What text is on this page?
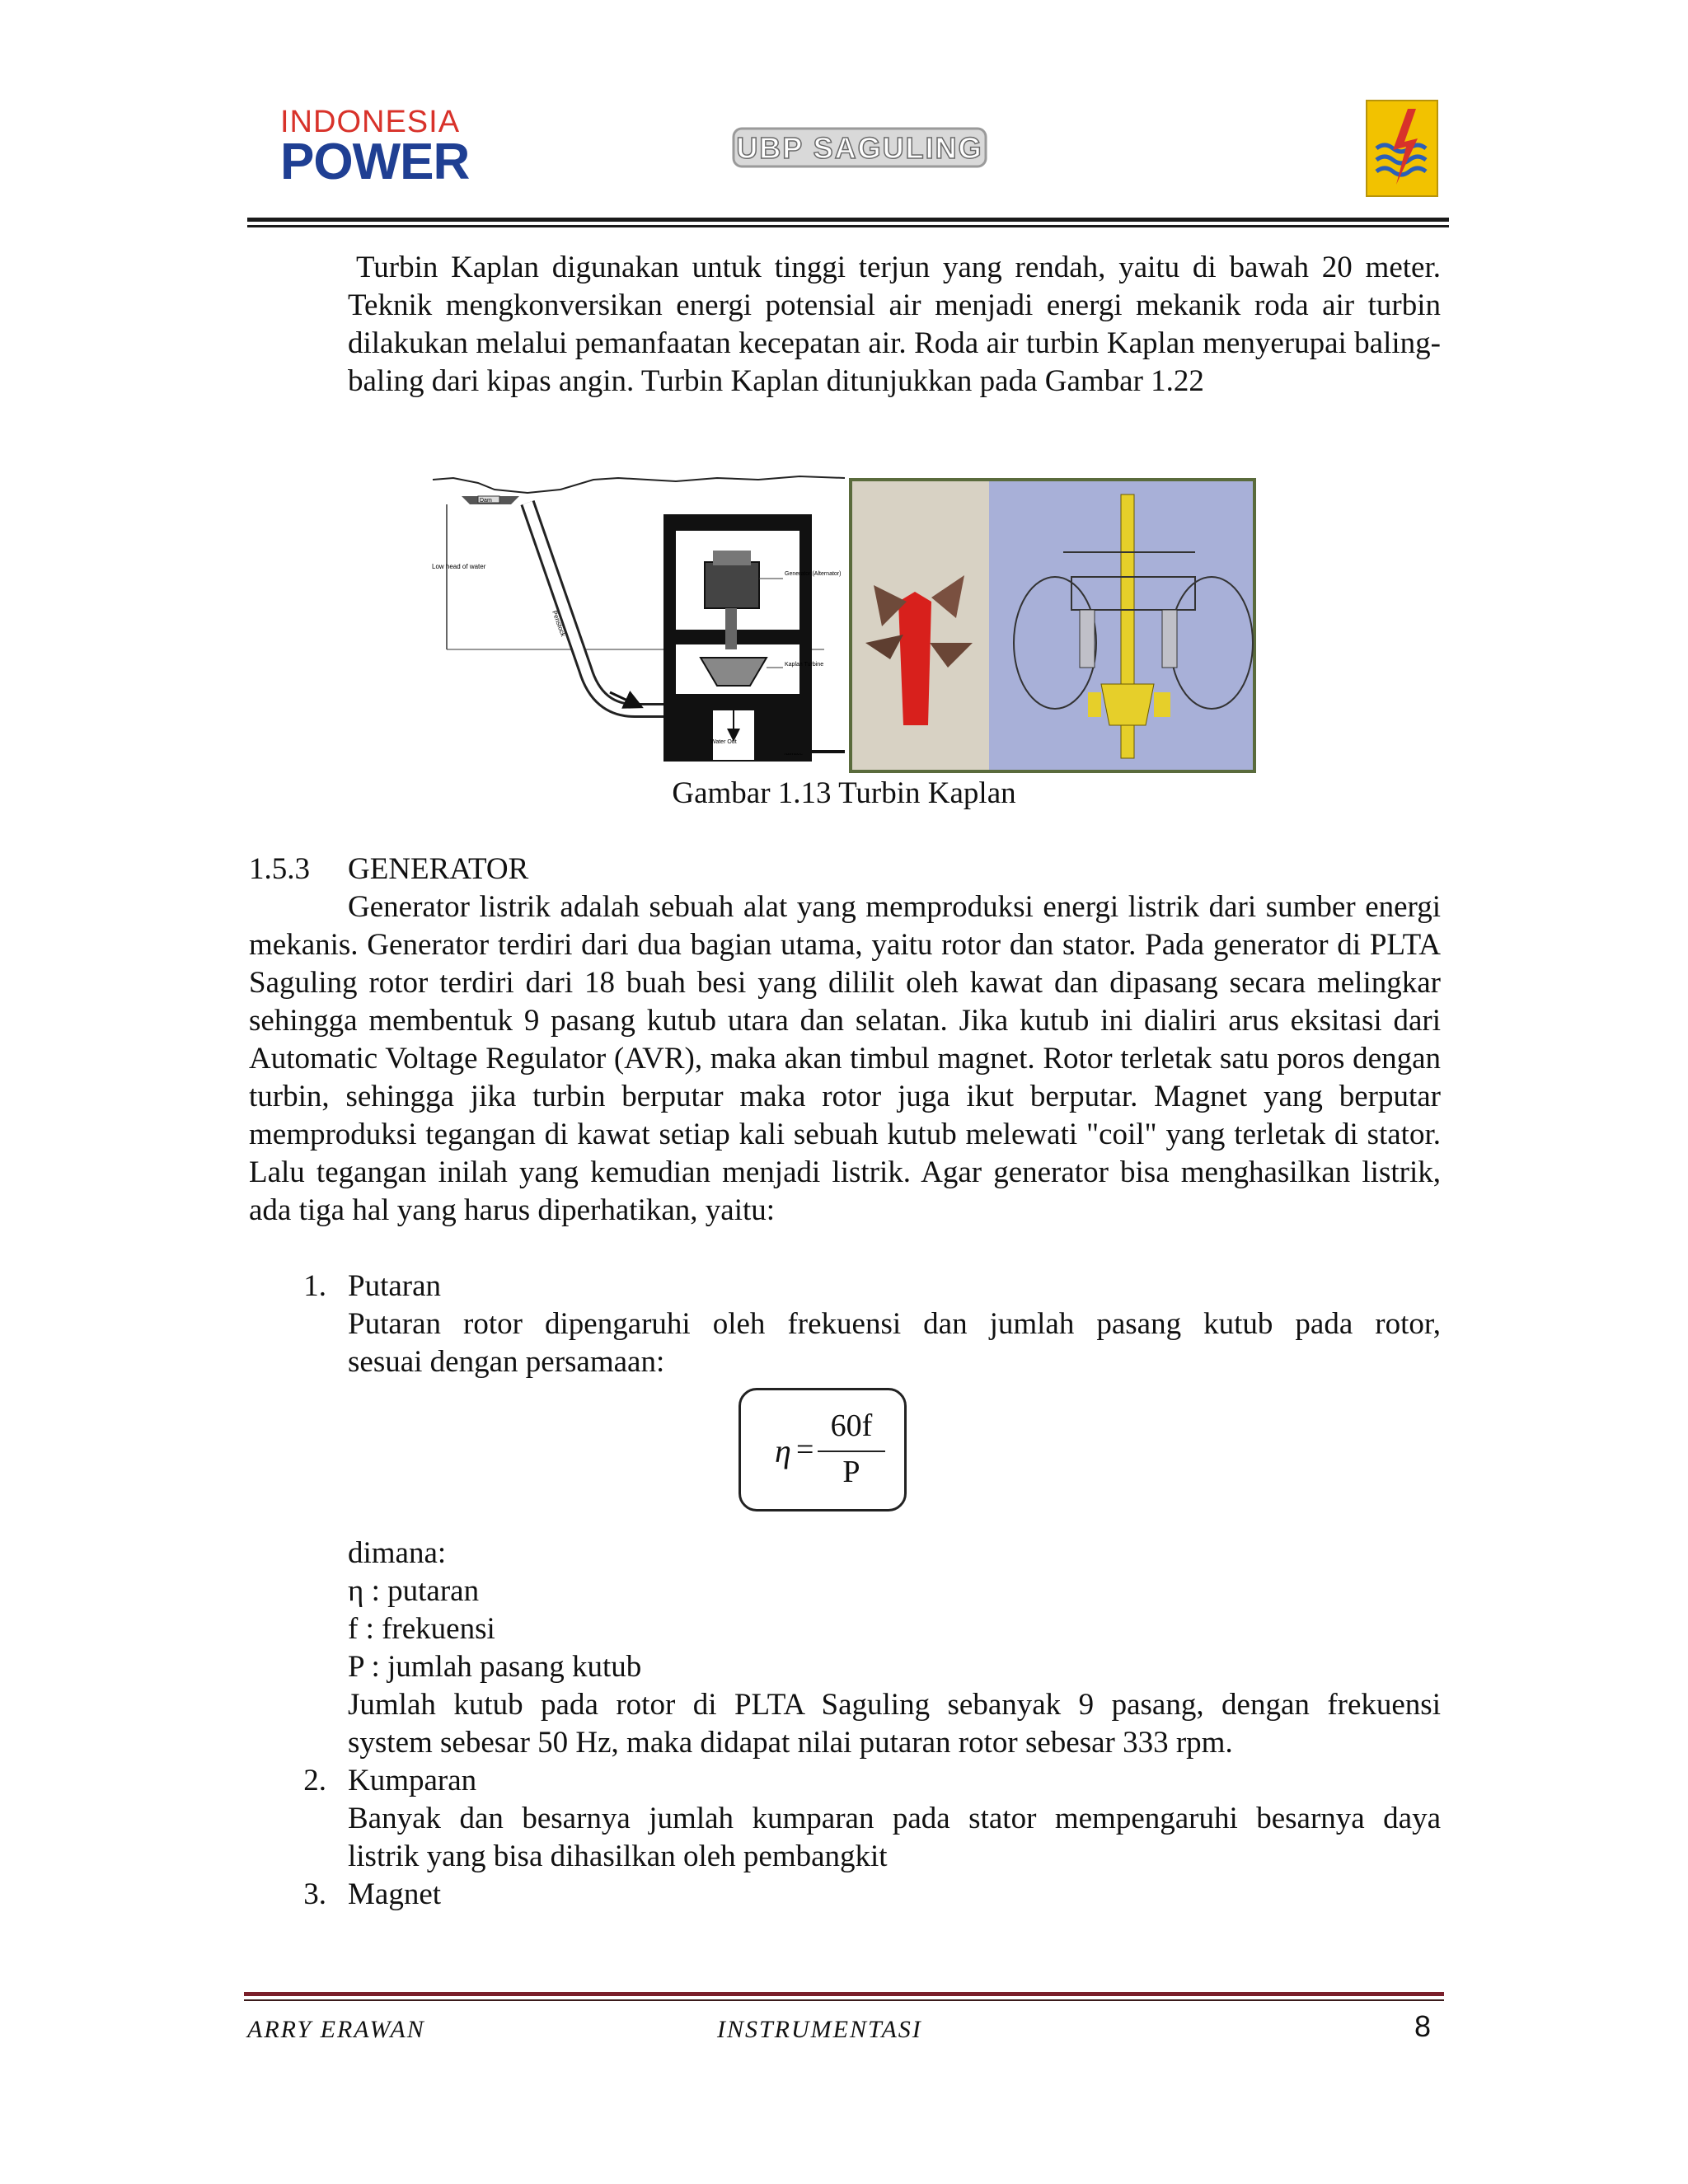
INDONESIA
POWER	UBP SAGULING

Turbin Kaplan digunakan untuk tinggi terjun yang rendah, yaitu di bawah 20 meter. Teknik mengkonversikan energi potensial air menjadi energi mekanik roda air turbin dilakukan melalui pemanfaatan kecepatan air. Roda air turbin Kaplan menyerupai baling-baling dari kipas angin. Turbin Kaplan ditunjukkan pada Gambar 1.22

Dam
Low head of water
Penstock
Generator (Alternator)
Kaplan Turbine
Water Out
Tailrace
Gambar 1.13 Turbin Kaplan
1.5.3 GENERATOR

Generator listrik adalah sebuah alat yang memproduksi energi listrik dari sumber energi mekanis. Generator terdiri dari dua bagian utama, yaitu rotor dan stator. Pada generator di PLTA Saguling rotor terdiri dari 18 buah besi yang dililit oleh kawat dan dipasang secara melingkar sehingga membentuk 9 pasang kutub utara dan selatan. Jika kutub ini dialiri arus eksitasi dari Automatic Voltage Regulator (AVR), maka akan timbul magnet. Rotor terletak satu poros dengan turbin, sehingga jika turbin berputar maka rotor juga ikut berputar. Magnet yang berputar memproduksi tegangan di kawat setiap kali sebuah kutub melewati "coil" yang terletak di stator. Lalu tegangan inilah yang kemudian menjadi listrik. Agar generator bisa menghasilkan listrik, ada tiga hal yang harus diperhatikan, yaitu:

1. Putaran
Putaran rotor dipengaruhi oleh frekuensi dan jumlah pasang kutub pada rotor,
sesuai dengan persamaan:
η =
60f
P
dimana:
η : putaran
f : frekuensi
P : jumlah pasang kutub
Jumlah kutub pada rotor di PLTA Saguling sebanyak 9 pasang, dengan frekuensi
system sebesar 50 Hz, maka didapat nilai putaran rotor sebesar 333 rpm.
2. Kumparan
Banyak dan besarnya jumlah kumparan pada stator mempengaruhi besarnya daya
listrik yang bisa dihasilkan oleh pembangkit
3. Magnet
ARRY ERAWAN	INSTRUMENTASI	8
